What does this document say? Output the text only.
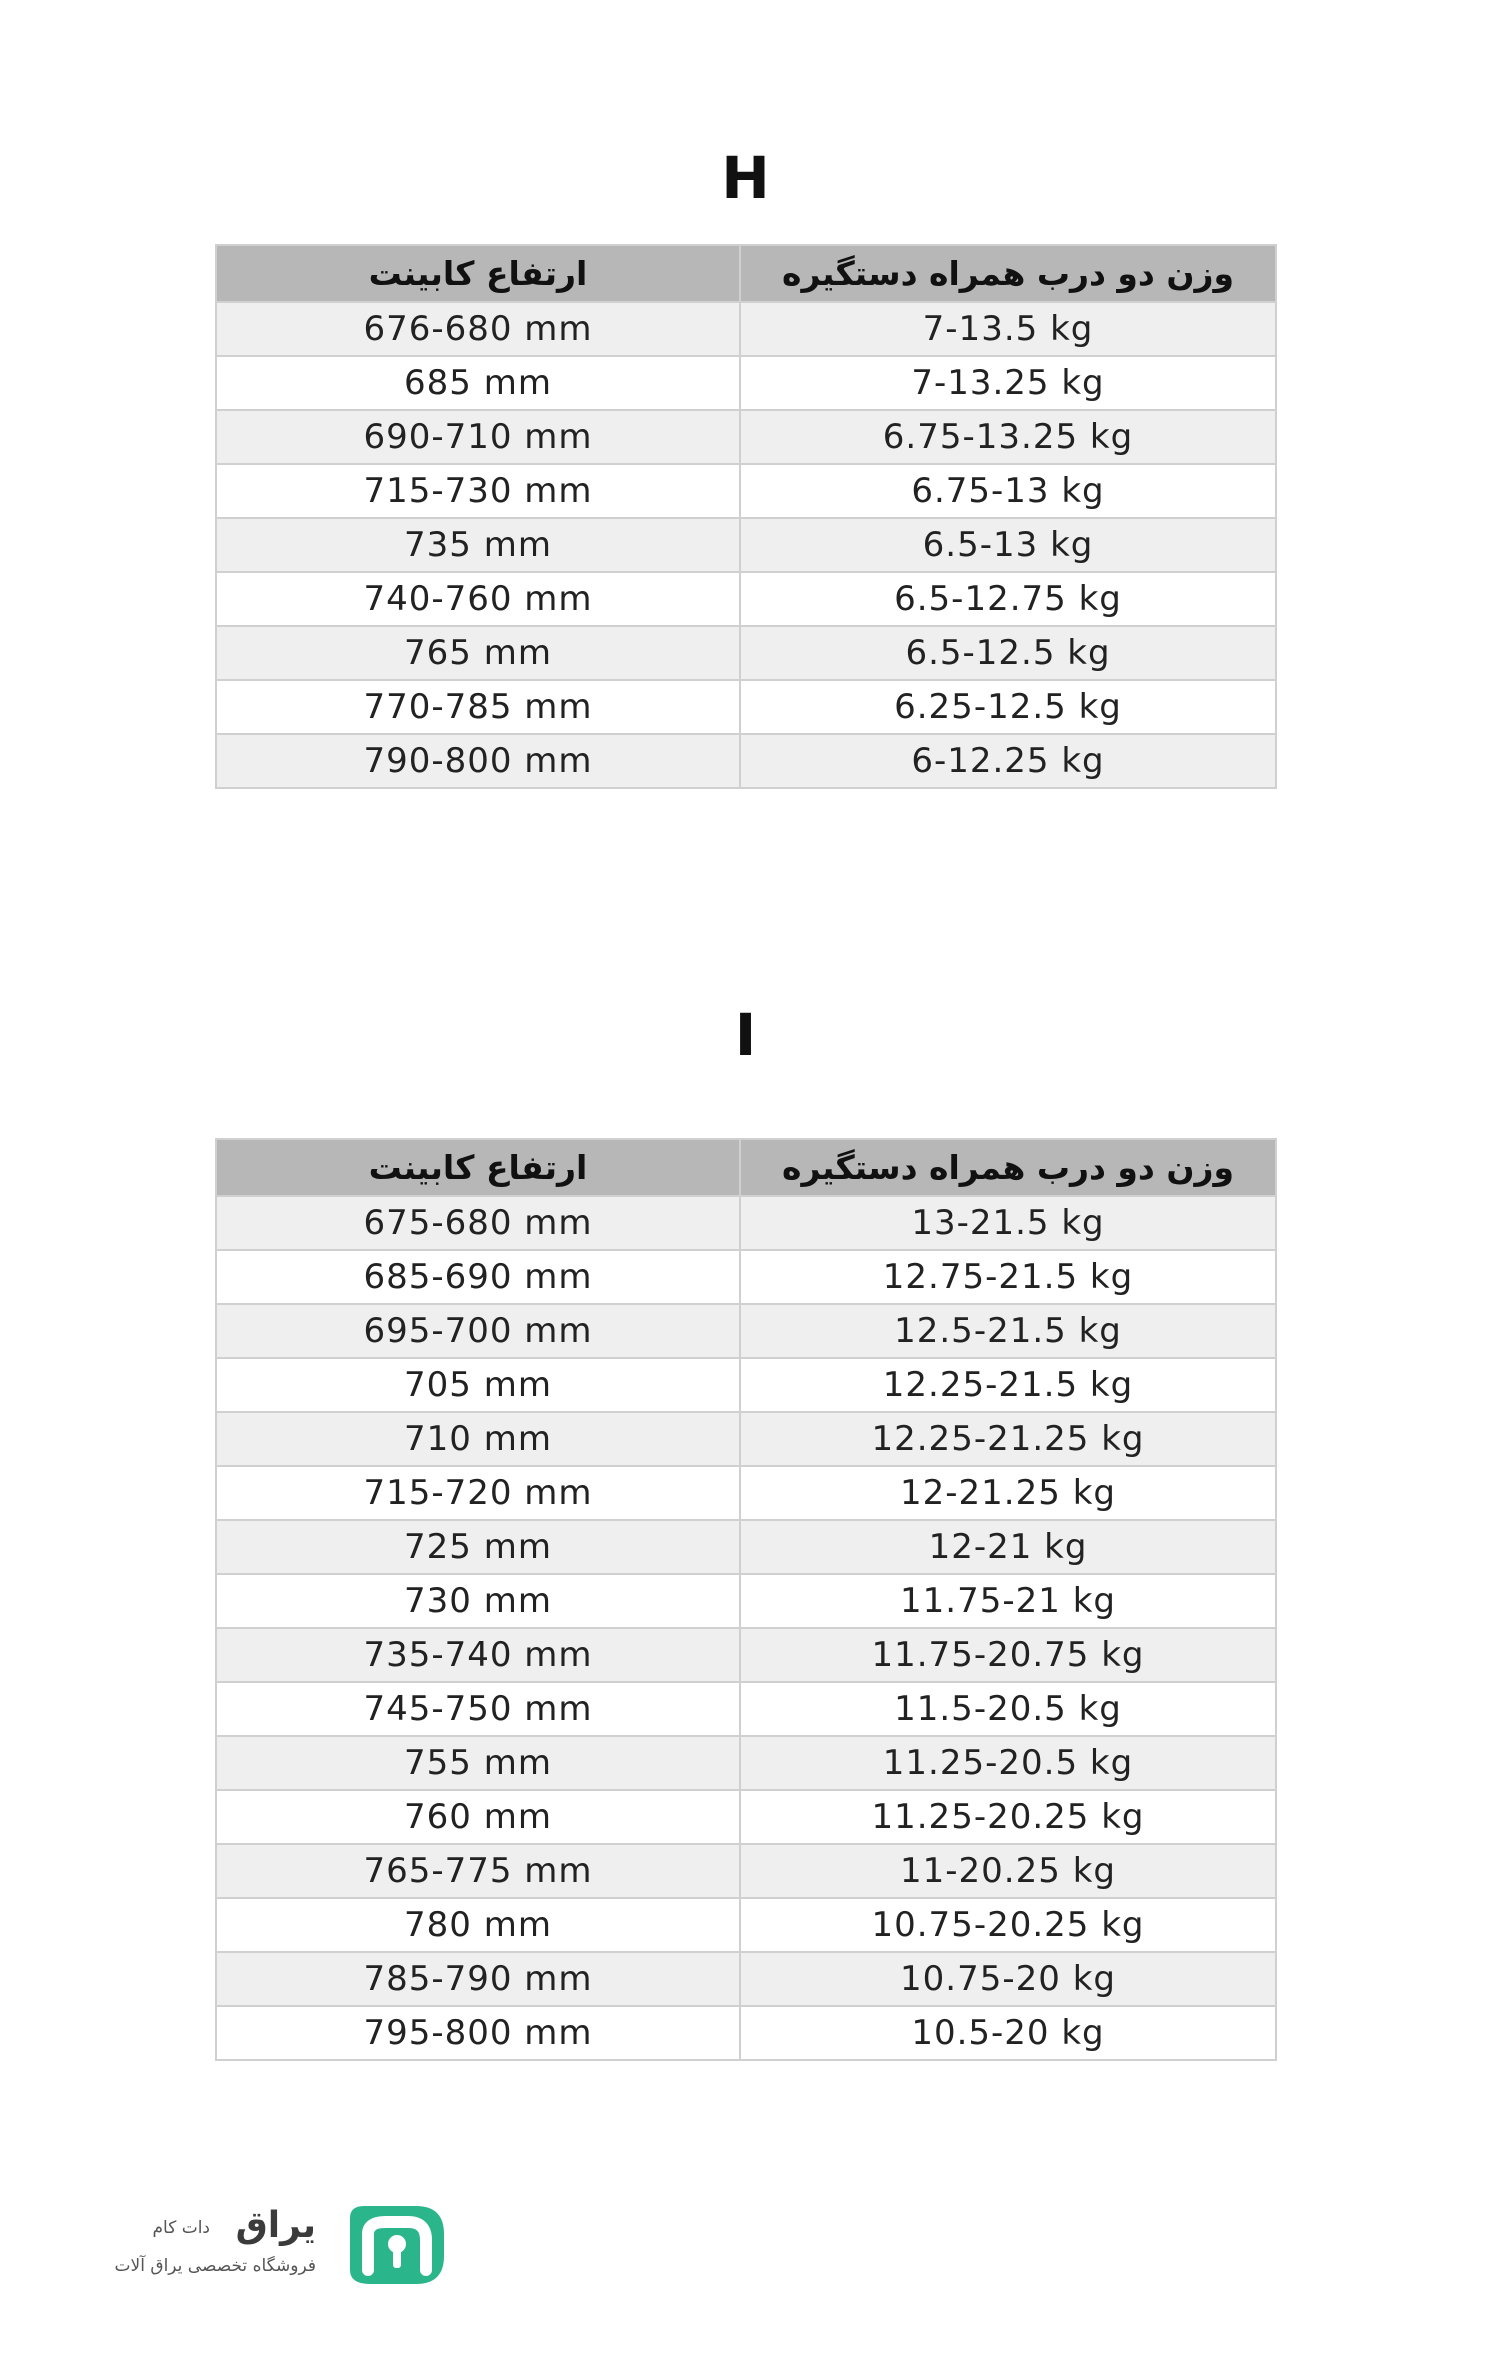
H
ارتفاع کابینت	وزن دو درب همراه دستگیره
676-680 mm	7-13.5 kg
685 mm	7-13.25 kg
690-710 mm	6.75-13.25 kg
715-730 mm	6.75-13 kg
735 mm	6.5-13 kg
740-760 mm	6.5-12.75 kg
765 mm	6.5-12.5 kg
770-785 mm	6.25-12.5 kg
790-800 mm	6-12.25 kg
I
ارتفاع کابینت	وزن دو درب همراه دستگیره
675-680 mm	13-21.5 kg
685-690 mm	12.75-21.5 kg
695-700 mm	12.5-21.5 kg
705 mm	12.25-21.5 kg
710 mm	12.25-21.25 kg
715-720 mm	12-21.25 kg
725 mm	12-21 kg
730 mm	11.75-21 kg
735-740 mm	11.75-20.75 kg
745-750 mm	11.5-20.5 kg
755 mm	11.25-20.5 kg
760 mm	11.25-20.25 kg
765-775 mm	11-20.25 kg
780 mm	10.75-20.25 kg
785-790 mm	10.75-20 kg
795-800 mm	10.5-20 kg
یراق
دات کام
فروشگاه تخصصی یراق آلات
